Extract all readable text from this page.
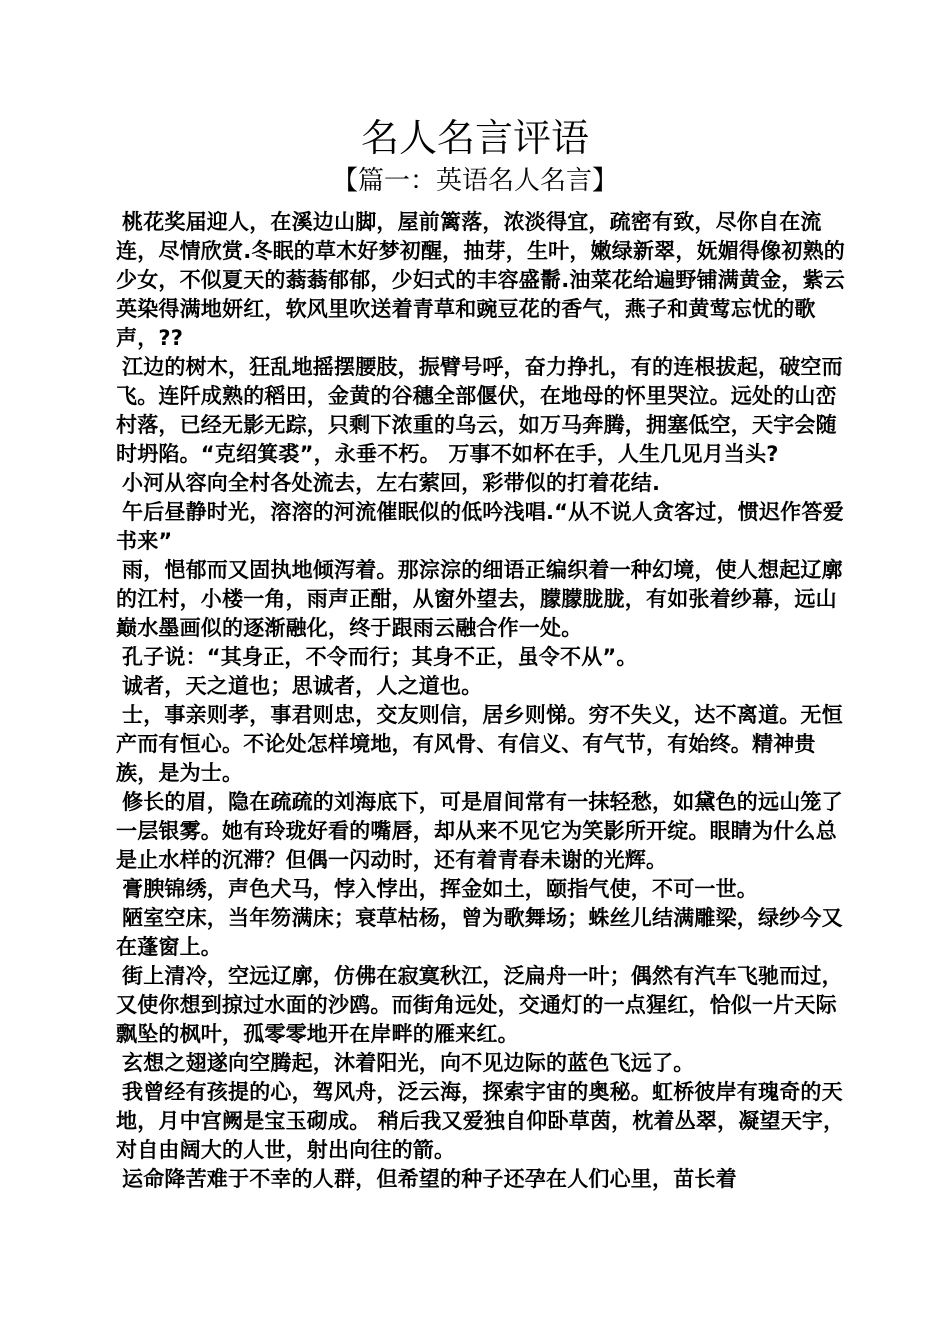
名人名言评语
【篇一：英语名人名言】

桃花奖届迎人，在溪边山脚，屋前篱落，浓淡得宜，疏密有致，尽你自在流连，尽情欣赏.冬眠的草木好梦初醒，抽芽，生叶，嫩绿新翠，妩媚得像初熟的少女，不似夏天的蓊蓊郁郁，少妇式的丰容盛鬋.油菜花给遍野铺满黄金，紫云英染得满地妍红，软风里吹送着青草和豌豆花的香气，燕子和黄莺忘忧的歌声，??

江边的树木，狂乱地摇摆腰肢，振臂号呼，奋力挣扎，有的连根拔起，破空而飞。连阡成熟的稻田，金黄的谷穗全部偃伏，在地母的怀里哭泣。远处的山峦村落，已经无影无踪，只剩下浓重的乌云，如万马奔腾，拥塞低空，天宇会随时坍陷。“克绍箕裘”，永垂不朽。 万事不如杯在手，人生几见月当头?

小河从容向全村各处流去，左右萦回，彩带似的打着花结.

午后昼静时光，溶溶的河流催眠似的低吟浅唱.“从不说人贪客过，惯迟作答爱书来”

雨，悒郁而又固执地倾泻着。那淙淙的细语正编织着一种幻境，使人想起辽廓的江村，小楼一角，雨声正酣，从窗外望去，朦朦胧胧，有如张着纱幕，远山巅水墨画似的逐渐融化，终于跟雨云融合作一处。

孔子说：“其身正，不令而行；其身不正，虽令不从”。

诚者，天之道也；思诚者，人之道也。

士，事亲则孝，事君则忠，交友则信，居乡则悌。穷不失义，达不离道。无恒产而有恒心。不论处怎样境地，有风骨、有信义、有气节，有始终。精神贵族，是为士。

修长的眉，隐在疏疏的刘海底下，可是眉间常有一抹轻愁，如黛色的远山笼了一层银雾。她有玲珑好看的嘴唇，却从来不见它为笑影所开绽。眼睛为什么总是止水样的沉滞？但偶一闪动时，还有着青春未谢的光辉。

膏腴锦绣，声色犬马，悖入悖出，挥金如土，颐指气使，不可一世。

陋室空床，当年笏满床；衰草枯杨，曾为歌舞场；蛛丝儿结满雕梁，绿纱今又在蓬窗上。

街上清冷，空远辽廓，仿佛在寂寞秋江，泛扁舟一叶；偶然有汽车飞驰而过，又使你想到掠过水面的沙鸥。而街角远处，交通灯的一点猩红，恰似一片天际飘坠的枫叶，孤零零地开在岸畔的雁来红。

玄想之翅遂向空腾起，沐着阳光，向不见边际的蓝色飞远了。

我曾经有孩提的心，驾风舟，泛云海，探索宇宙的奥秘。虹桥彼岸有瑰奇的天地，月中宫阙是宝玉砌成。 稍后我又爱独自仰卧草茵，枕着丛翠，凝望天宇，对自由阔大的人世，射出向往的箭。

运命降苦难于不幸的人群，但希望的种子还孕在人们心里，苗长着
